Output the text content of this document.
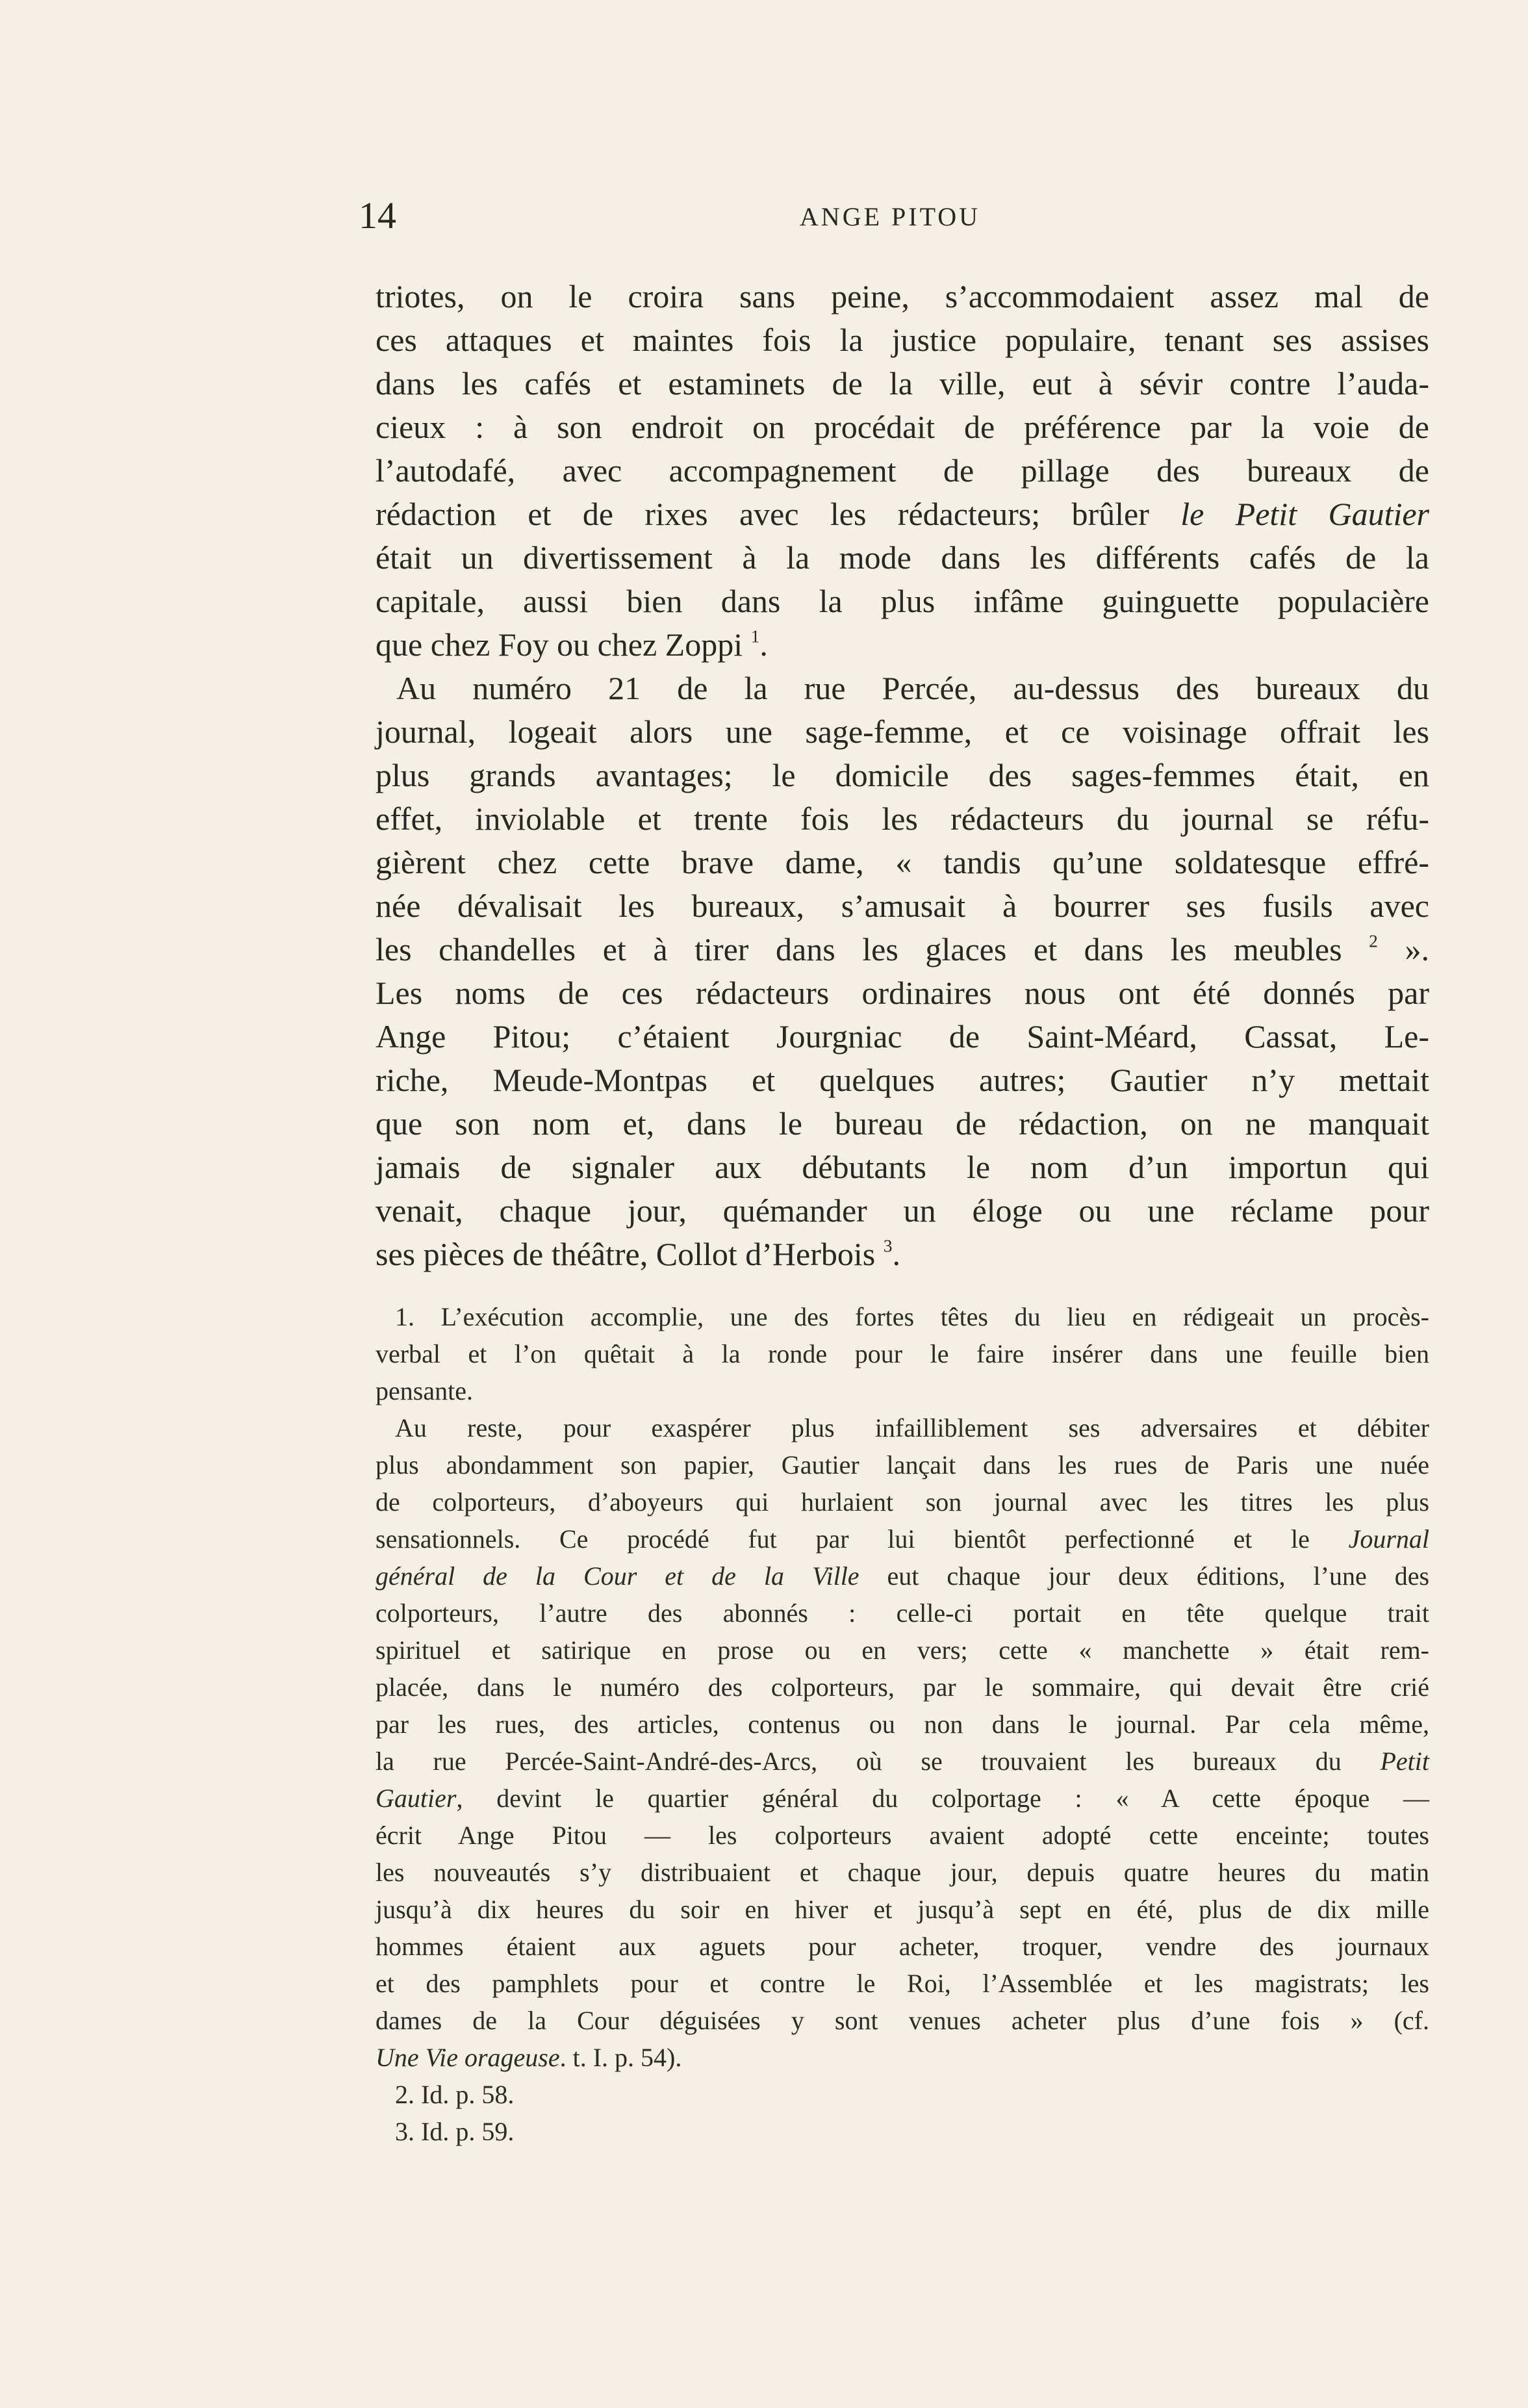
14	ANGE PITOU
triotes, on le croira sans peine, s’accommodaient assez mal de
ces attaques et maintes fois la justice populaire, tenant ses assises
dans les cafés et estaminets de la ville, eut à sévir contre l’auda-
cieux : à son endroit on procédait de préférence par la voie de
l’autodafé, avec accompagnement de pillage des bureaux de
rédaction et de rixes avec les rédacteurs; brûler le Petit Gautier
était un divertissement à la mode dans les différents cafés de la
capitale, aussi bien dans la plus infâme guinguette populacière
que chez Foy ou chez Zoppi $^1$.
Au numéro 21 de la rue Percée, au-dessus des bureaux du
journal, logeait alors une sage-femme, et ce voisinage offrait les
plus grands avantages; le domicile des sages-femmes était, en
effet, inviolable et trente fois les rédacteurs du journal se réfu-
gièrent chez cette brave dame, « tandis qu’une soldatesque effré-
née dévalisait les bureaux, s’amusait à bourrer ses fusils avec
les chandelles et à tirer dans les glaces et dans les meubles $^2$ ».
Les noms de ces rédacteurs ordinaires nous ont été donnés par
Ange Pitou; c’étaient Jourgniac de Saint-Méard, Cassat, Le-
riche, Meude-Montpas et quelques autres; Gautier n’y mettait
que son nom et, dans le bureau de rédaction, on ne manquait
jamais de signaler aux débutants le nom d’un importun qui
venait, chaque jour, quémander un éloge ou une réclame pour
ses pièces de théâtre, Collot d’Herbois $^3$.
1. L’exécution accomplie, une des fortes têtes du lieu en rédigeait un procès-
verbal et l’on quêtait à la ronde pour le faire insérer dans une feuille bien
pensante.
Au reste, pour exaspérer plus infailliblement ses adversaires et débiter
plus abondamment son papier, Gautier lançait dans les rues de Paris une nuée
de colporteurs, d’aboyeurs qui hurlaient son journal avec les titres les plus
sensationnels. Ce procédé fut par lui bientôt perfectionné et le Journal
général de la Cour et de la Ville eut chaque jour deux éditions, l’une des
colporteurs, l’autre des abonnés : celle-ci portait en tête quelque trait
spirituel et satirique en prose ou en vers; cette « manchette » était rem-
placée, dans le numéro des colporteurs, par le sommaire, qui devait être crié
par les rues, des articles, contenus ou non dans le journal. Par cela même,
la rue Percée-Saint-André-des-Arcs, où se trouvaient les bureaux du Petit
Gautier, devint le quartier général du colportage : « A cette époque —
écrit Ange Pitou — les colporteurs avaient adopté cette enceinte; toutes
les nouveautés s’y distribuaient et chaque jour, depuis quatre heures du matin
jusqu’à dix heures du soir en hiver et jusqu’à sept en été, plus de dix mille
hommes étaient aux aguets pour acheter, troquer, vendre des journaux
et des pamphlets pour et contre le Roi, l’Assemblée et les magistrats; les
dames de la Cour déguisées y sont venues acheter plus d’une fois » (cf.
Une Vie orageuse. t. I. p. 54).
2. Id. p. 58.
3. Id. p. 59.
